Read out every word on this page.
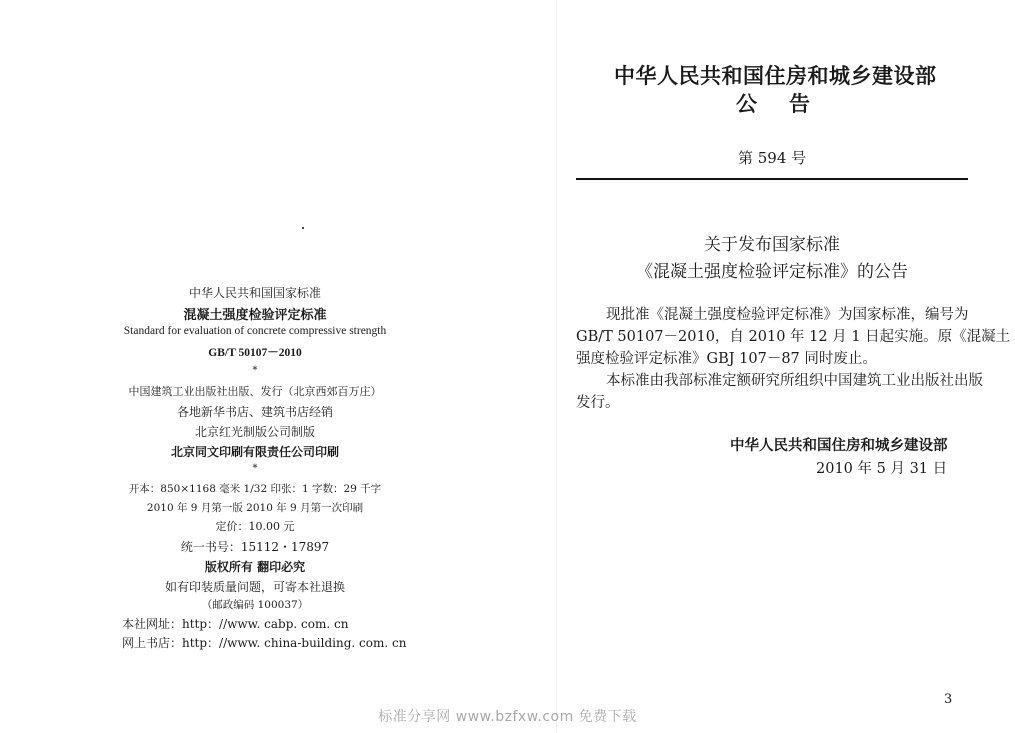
中华人民共和国国家标准
混凝土强度检验评定标准
Standard for evaluation of concrete compressive strength
GB/T 50107－2010
*
中国建筑工业出版社出版、发行（北京西郊百万庄）
各地新华书店、建筑书店经销
北京红光制版公司制版
北京同文印刷有限责任公司印刷
*
开本：850×1168 毫米 1/32 印张：1 字数：29 千字
2010 年 9 月第一版 2010 年 9 月第一次印刷
定价：10.00 元
统一书号：15112・17897
版权所有 翻印必究
如有印装质量问题，可寄本社退换
（邮政编码 100037）
本社网址：http：//www. cabp. com. cn
网上书店：http：//www. china-building. com. cn
中华人民共和国住房和城乡建设部
公告
第 594 号
关于发布国家标准
《混凝土强度检验评定标准》的公告
现批准《混凝土强度检验评定标准》为国家标准，编号为
GB/T 50107－2010，自 2010 年 12 月 1 日起实施。原《混凝土
强度检验评定标准》GBJ 107－87 同时废止。
本标准由我部标准定额研究所组织中国建筑工业出版社出版
发行。
中华人民共和国住房和城乡建设部
2010 年 5 月 31 日
3
标准分享网 www.bzfxw.com 免费下载
